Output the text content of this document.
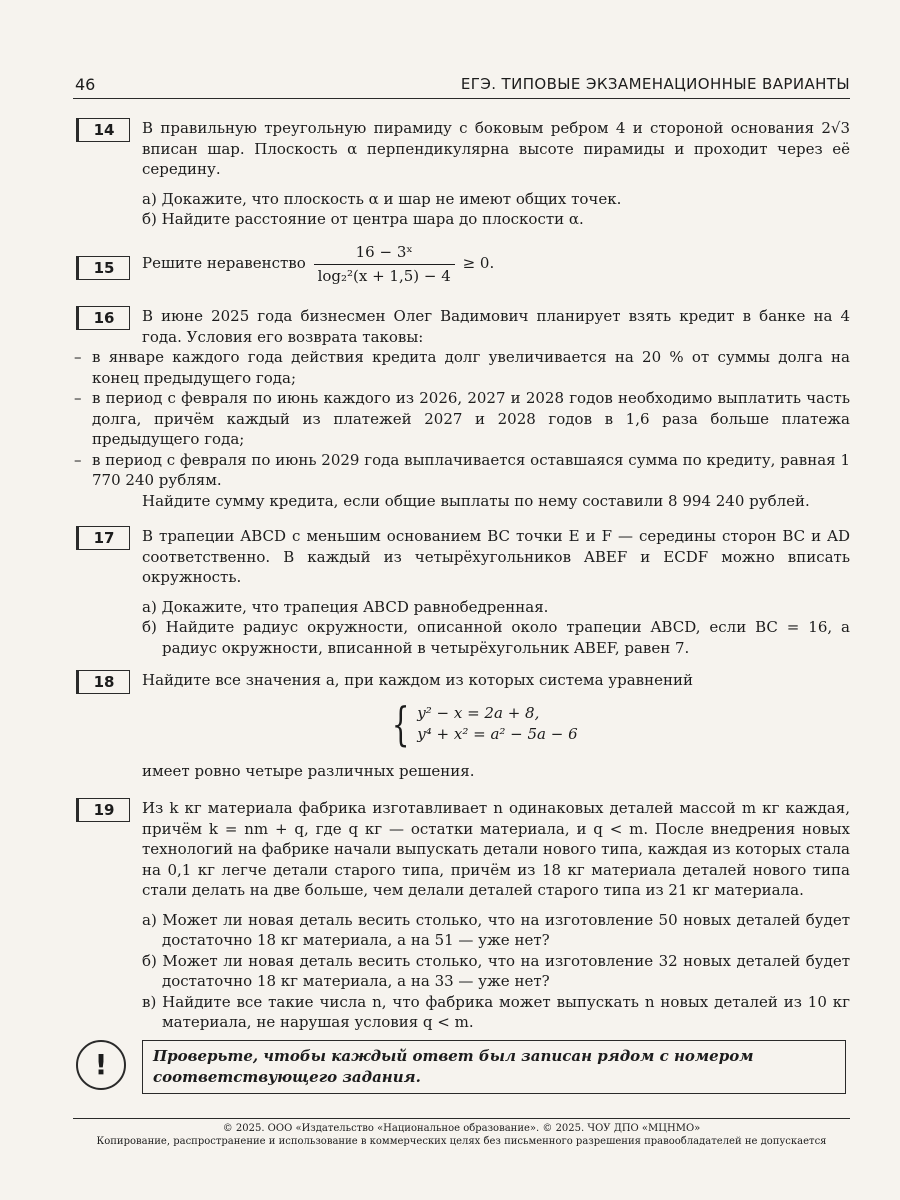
46	ЕГЭ. ТИПОВЫЕ ЭКЗАМЕНАЦИОННЫЕ ВАРИАНТЫ
14	В правильную треугольную пирамиду с боковым ребром 4 и стороной основания 2√3 вписан шар. Плоскость α перпендикулярна высоте пирамиды и проходит через её середину.
а) Докажите, что плоскость α и шар не имеют общих точек.
б) Найдите расстояние от центра шара до плоскости α.
15	Решите неравенство $\frac{\text{16 − 3ˣ}}{\text{log₂²(x + 1,5) − 4}} \ge 0$.
16	В июне 2025 года бизнесмен Олег Вадимович планирует взять кредит в банке на 4 года. Условия его возврата таковы:
– в январе каждого года действия кредита долг увеличивается на 20 % от суммы долга на конец предыдущего года;
– в период с февраля по июнь каждого из 2026, 2027 и 2028 годов необходимо выплатить часть долга, причём каждый из платежей 2027 и 2028 годов в 1,6 раза больше платежа предыдущего года;
– в период с февраля по июнь 2029 года выплачивается оставшаяся сумма по кредиту, равная 1 770 240 рублям.
Найдите сумму кредита, если общие выплаты по нему составили 8 994 240 рублей.
17	В трапеции ABCD с меньшим основанием BC точки E и F — середины сторон BC и AD соответственно. В каждый из четырёхугольников ABEF и ECDF можно вписать окружность.
а) Докажите, что трапеция ABCD равнобедренная.
б) Найдите радиус окружности, описанной около трапеции ABCD, если BC = 16, а радиус окружности, вписанной в четырёхугольник ABEF, равен 7.
18	Найдите все значения a, при каждом из которых система уравнений
{ y² − x = 2a + 8,
y⁴ + x² = a² − 5a − 6
имеет ровно четыре различных решения.
19	Из k кг материала фабрика изготавливает n одинаковых деталей массой m кг каждая, причём k = nm + q, где q кг — остатки материала, и q < m. После внедрения новых технологий на фабрике начали выпускать детали нового типа, каждая из которых стала на 0,1 кг легче детали старого типа, причём из 18 кг материала деталей нового типа стали делать на две больше, чем делали деталей старого типа из 21 кг материала.
а) Может ли новая деталь весить столько, что на изготовление 50 новых деталей будет достаточно 18 кг материала, а на 51 — уже нет?
б) Может ли новая деталь весить столько, что на изготовление 32 новых деталей будет достаточно 18 кг материала, а на 33 — уже нет?
в) Найдите все такие числа n, что фабрика может выпускать n новых деталей из 10 кг материала, не нарушая условия q < m.
!	Проверьте, чтобы каждый ответ был записан рядом с номером соответствующего задания.
© 2025. ООО «Издательство «Национальное образование». © 2025. ЧОУ ДПО «МЦНМО»
Копирование, распространение и использование в коммерческих целях без письменного разрешения правообладателей не допускается
